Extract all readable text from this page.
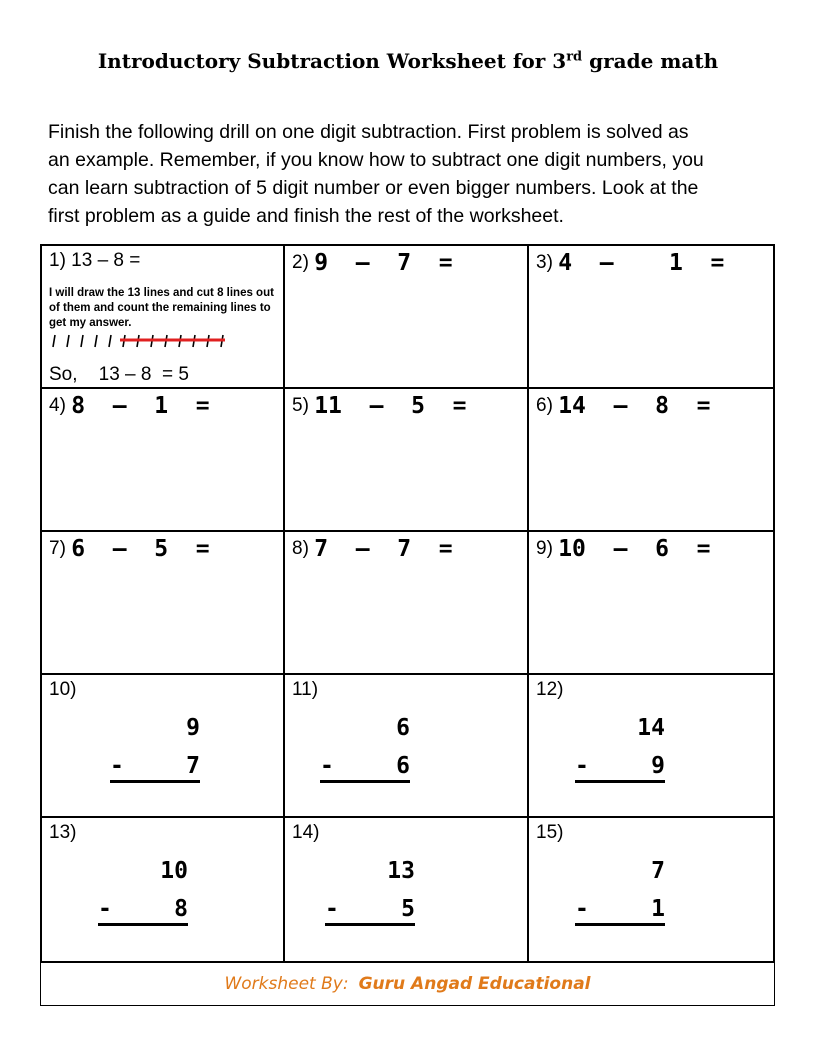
Introductory Subtraction Worksheet for 3rd grade math
Finish the following drill on one digit subtraction. First problem is solved as
an example. Remember, if you know how to subtract one digit numbers, you
can learn subtraction of 5 digit number or even bigger numbers. Look at the
first problem as a guide and finish the rest of the worksheet.
1) 13 – 8 =
I will draw the 13 lines and cut 8 lines out of them and count the remaining lines to get my answer.
So,    13 – 8  = 5
2) 9  –  7  =	3) 4  –    1  =
4) 8  –  1  =	5) 11  –  5  =	6) 14  –  8  =
7) 6  –  5  =	8) 7  –  7  =	9) 10  –  6  =
10)
9
-	7
11)
6
-	6
12)
14
-	9
13)
10
-	8
14)
13
-	5
15)
7
-	1
Worksheet By: Guru Angad Educational
